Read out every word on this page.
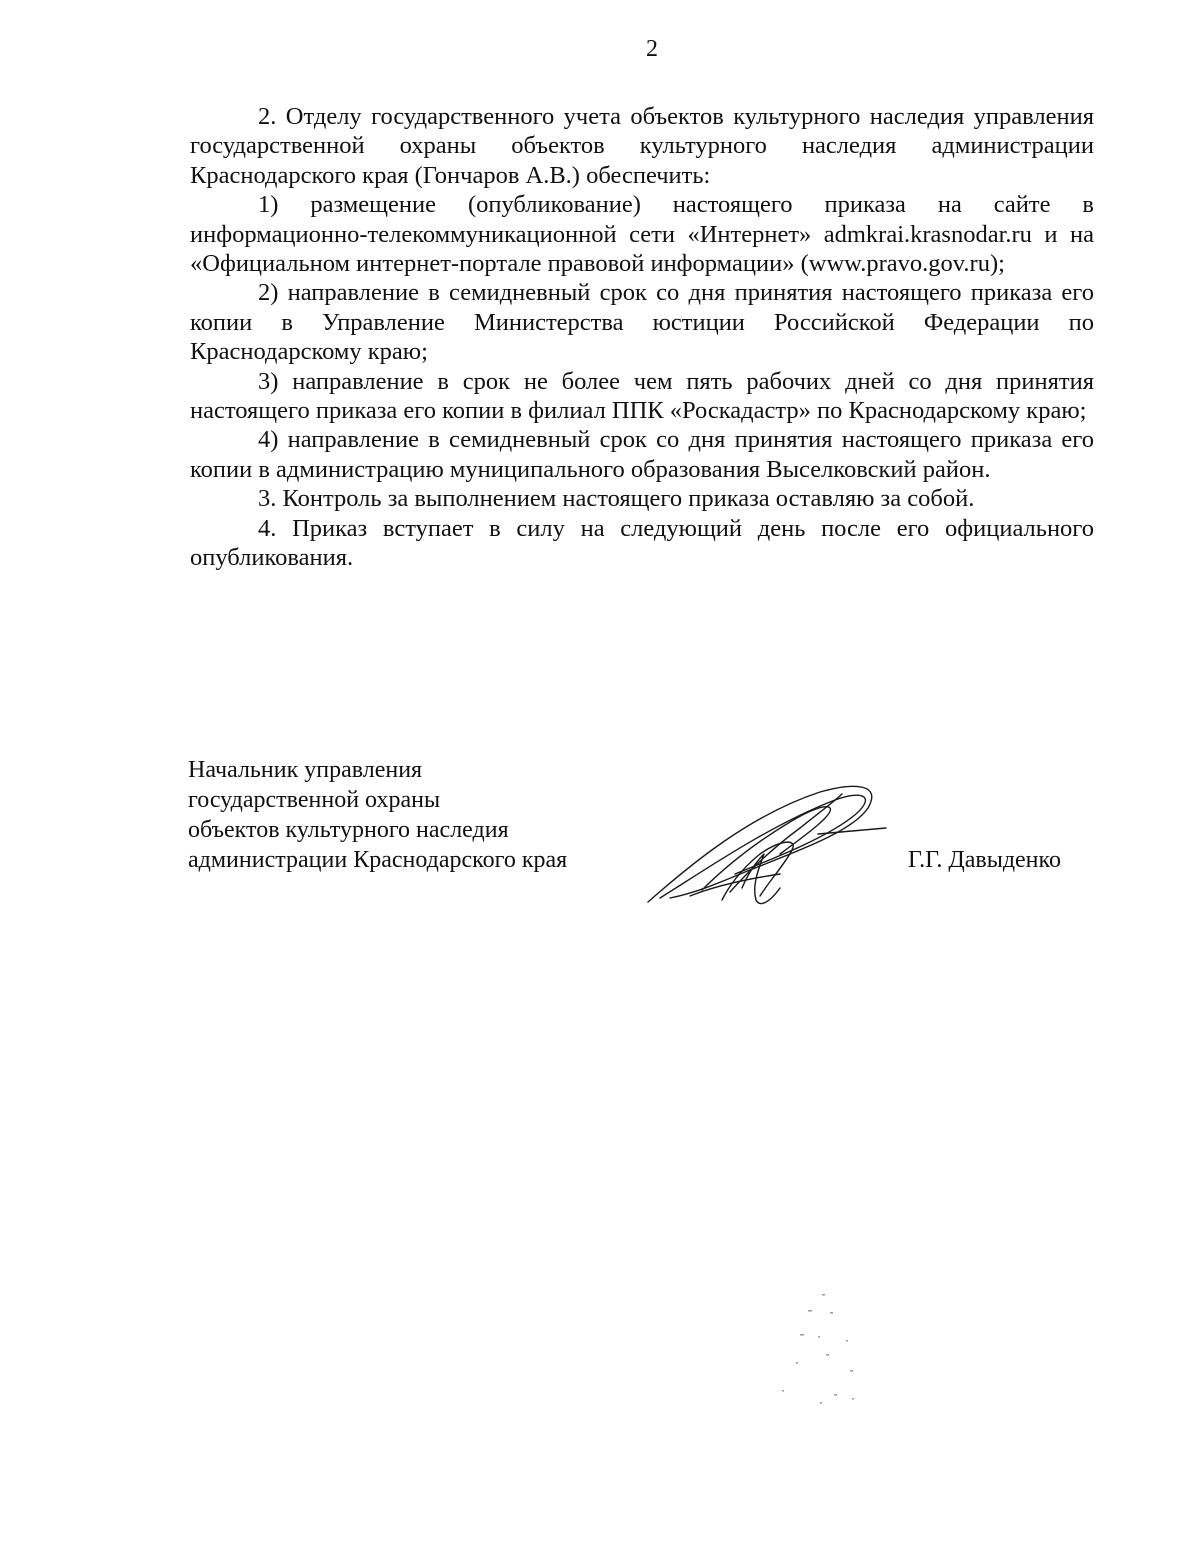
2

2. Отделу государственного учета объектов культурного наследия управления государственной охраны объектов культурного наследия администрации Краснодарского края (Гончаров А.В.) обеспечить:

1) размещение (опубликование) настоящего приказа на сайте в информационно-телекоммуникационной сети «Интернет» admkrai.krasnodar.ru и на «Официальном интернет-портале правовой информации» (www.pravo.gov.ru);

2) направление в семидневный срок со дня принятия настоящего приказа его копии в Управление Министерства юстиции Российской Федерации по Краснодарскому краю;

3) направление в срок не более чем пять рабочих дней со дня принятия настоящего приказа его копии в филиал ППК «Роскадастр» по Краснодарскому краю;

4) направление в семидневный срок со дня принятия настоящего приказа его копии в администрацию муниципального образования Выселковский район.

3. Контроль за выполнением настоящего приказа оставляю за собой.

4. Приказ вступает в силу на следующий день после его официального опубликования.

Начальник управления
государственной охраны
объектов культурного наследия
администрации Краснодарского края	Г.Г. Давыденко
